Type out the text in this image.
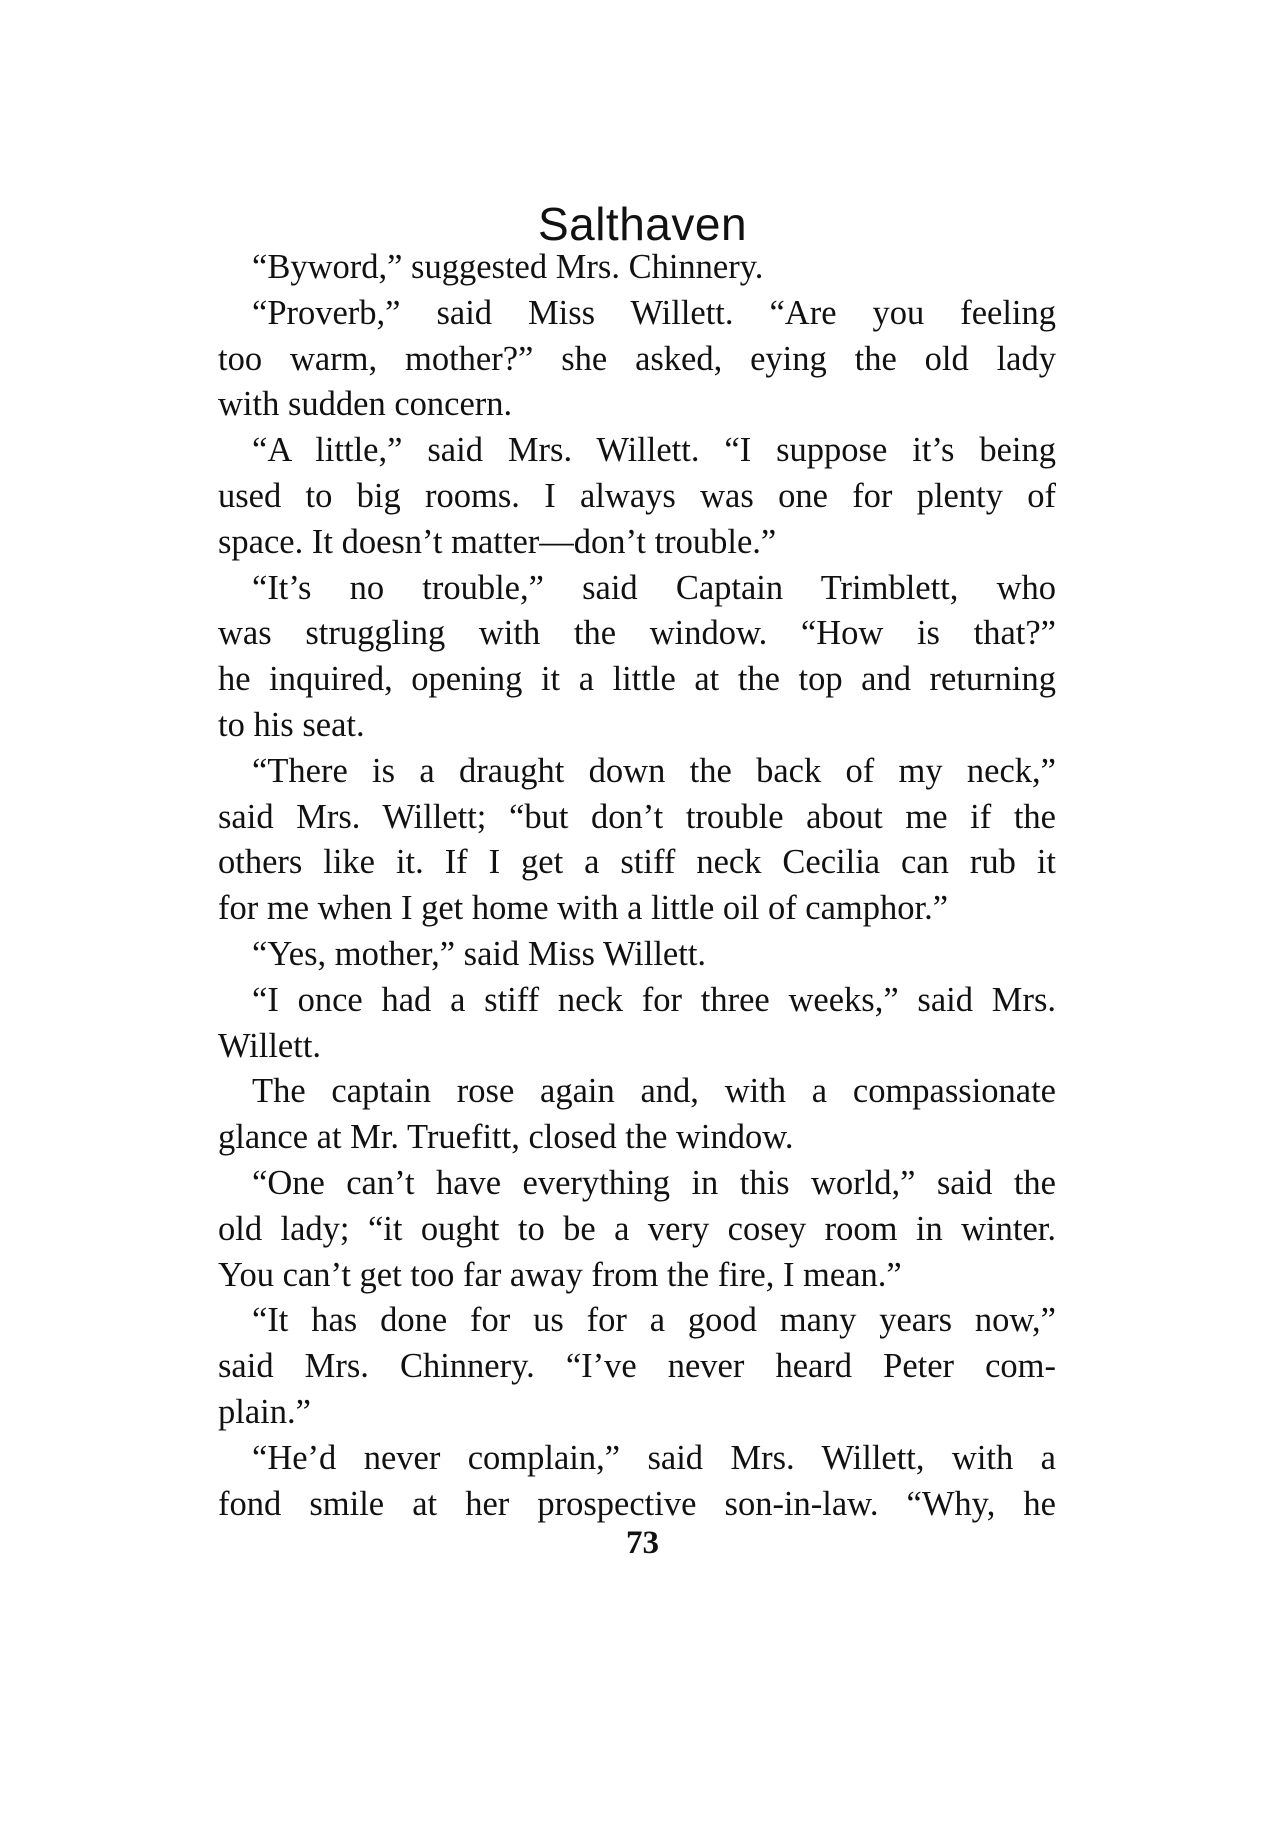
Salthaven

“Byword,” suggested Mrs. Chinnery.

“Proverb,” said Miss Willett. “Are you feeling
too warm, mother?” she asked, eying the old lady
with sudden concern.

“A little,” said Mrs. Willett. “I suppose it’s being
used to big rooms. I always was one for plenty of
space. It doesn’t matter—don’t trouble.”

“It’s no trouble,” said Captain Trimblett, who
was struggling with the window. “How is that?”
he inquired, opening it a little at the top and returning
to his seat.

“There is a draught down the back of my neck,”
said Mrs. Willett; “but don’t trouble about me if the
others like it. If I get a stiff neck Cecilia can rub it
for me when I get home with a little oil of camphor.”

“Yes, mother,” said Miss Willett.

“I once had a stiff neck for three weeks,” said Mrs.
Willett.

The captain rose again and, with a compassionate
glance at Mr. Truefitt, closed the window.

“One can’t have everything in this world,” said the
old lady; “it ought to be a very cosey room in winter.
You can’t get too far away from the fire, I mean.”

“It has done for us for a good many years now,”
said Mrs. Chinnery. “I’ve never heard Peter com-
plain.”

“He’d never complain,” said Mrs. Willett, with a
fond smile at her prospective son-in-law. “Why, he

73
